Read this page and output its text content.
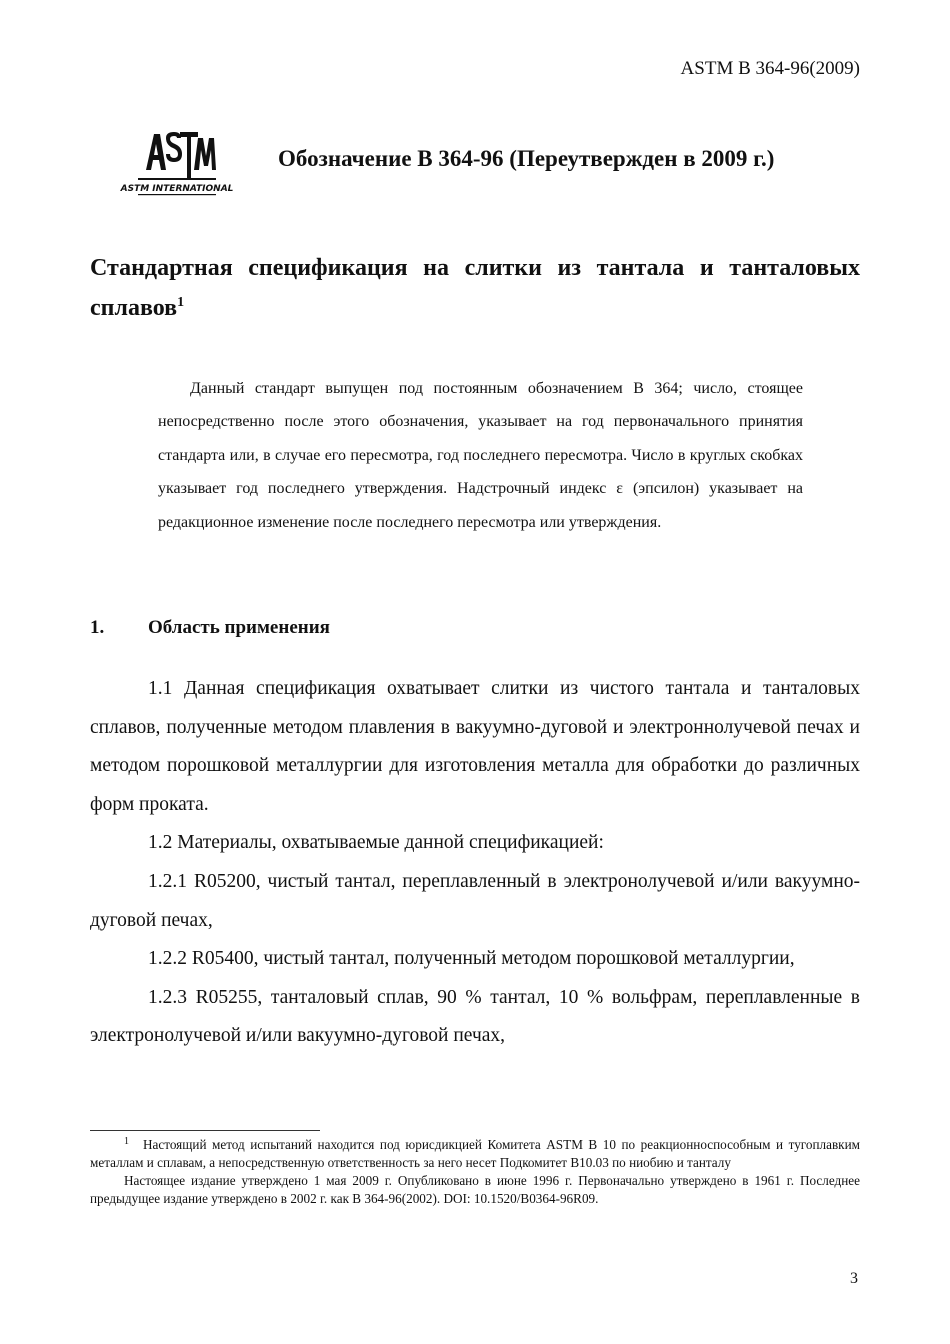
ASTM B 364-96(2009)
ASTM INTERNATIONAL
Обозначение B 364-96 (Переутвержден в 2009 г.)
Стандартная спецификация на слитки из тантала и танталовых сплавов$^1$

Данный стандарт выпущен под постоянным обозначением B 364; число, стоящее непосредственно после этого обозначения, указывает на год первоначального принятия стандарта или, в случае его пересмотра, год последнего пересмотра. Число в круглых скобках указывает год последнего утверждения. Надстрочный индекс ε (эпсилон) указывает на редакционное изменение после последнего пересмотра или утверждения.

1. Область применения

1.1 Данная спецификация охватывает слитки из чистого тантала и танталовых сплавов, полученные методом плавления в вакуумно-дуговой и электроннолучевой печах и методом порошковой металлургии для изготовления металла для обработки до различных форм проката.

1.2 Материалы, охватываемые данной спецификацией:

1.2.1 R05200, чистый тантал, переплавленный в электронолучевой и/или вакуумно-дуговой печах,

1.2.2 R05400, чистый тантал, полученный методом порошковой металлургии,

1.2.3 R05255, танталовый сплав, 90 % тантал, 10 % вольфрам, переплавленные в электронолучевой и/или вакуумно-дуговой печах,

$^1$ Настоящий метод испытаний находится под юрисдикцией Комитета ASTM B 10 по реакционноспособным и тугоплавким металлам и сплавам, а непосредственную ответственность за него несет Подкомитет B10.03 по ниобию и танталу

Настоящее издание утверждено 1 мая 2009 г. Опубликовано в июне 1996 г. Первоначально утверждено в 1961 г. Последнее предыдущее издание утверждено в 2002 г. как B 364-96(2002). DOI: 10.1520/B0364-96R09.

3
